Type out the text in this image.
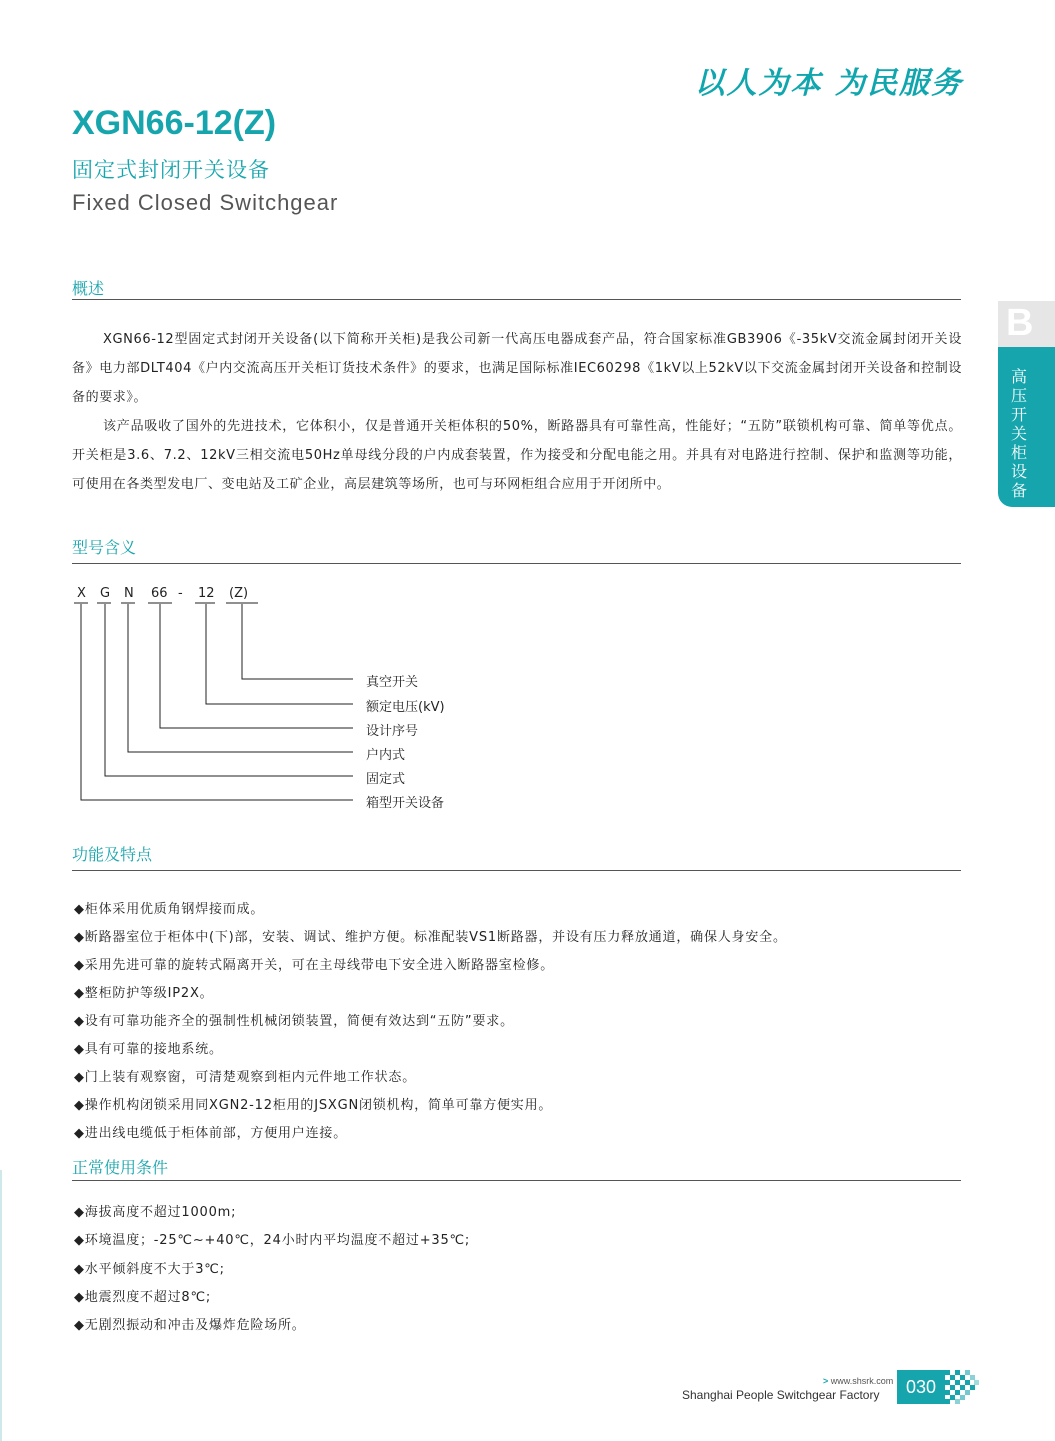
以人为本 为民服务
XGN66-12(Z)
固定式封闭开关设备
Fixed Closed Switchgear
B
高压开关柜设备
概述

XGN66-12型固定式封闭开关设备(以下简称开关柜)是我公司新一代高压电器成套产品，符合国家标准GB3906《-35kV交流金属封闭开关设备》电力部DLT404《户内交流高压开关柜订货技术条件》的要求，也满足国际标准IEC60298《1kV以上52kV以下交流金属封闭开关设备和控制设备的要求》。

该产品吸收了国外的先进技术，它体积小，仅是普通开关柜体积的50%，断路器具有可靠性高，性能好；“五防”联锁机构可靠、简单等优点。开关柜是3.6、7.2、12kV三相交流电50Hz单母线分段的户内成套装置，作为接受和分配电能之用。并具有对电路进行控制、保护和监测等功能，可使用在各类型发电厂、变电站及工矿企业，高层建筑等场所，也可与环网柜组合应用于开闭所中。

型号含义
X G N 66 - 12 (Z)
真空开关
额定电压(kV)
设计序号
户内式
固定式
箱型开关设备
功能及特点
◆柜体采用优质角钢焊接而成。
◆断路器室位于柜体中(下)部，安装、调试、维护方便。标准配装VS1断路器，并设有压力释放通道，确保人身安全。
◆采用先进可靠的旋转式隔离开关，可在主母线带电下安全进入断路器室检修。
◆整柜防护等级IP2X。
◆设有可靠功能齐全的强制性机械闭锁装置，简便有效达到“五防”要求。
◆具有可靠的接地系统。
◆门上装有观察窗，可清楚观察到柜内元件地工作状态。
◆操作机构闭锁采用同XGN2-12柜用的JSXGN闭锁机构，简单可靠方便实用。
◆进出线电缆低于柜体前部，方便用户连接。
正常使用条件
◆海拔高度不超过1000m;
◆环境温度；-25℃~+40℃，24小时内平均温度不超过+35℃;
◆水平倾斜度不大于3℃;
◆地震烈度不超过8℃;
◆无剧烈振动和冲击及爆炸危险场所。
> www.shsrk.com
Shanghai People Switchgear Factory	030
